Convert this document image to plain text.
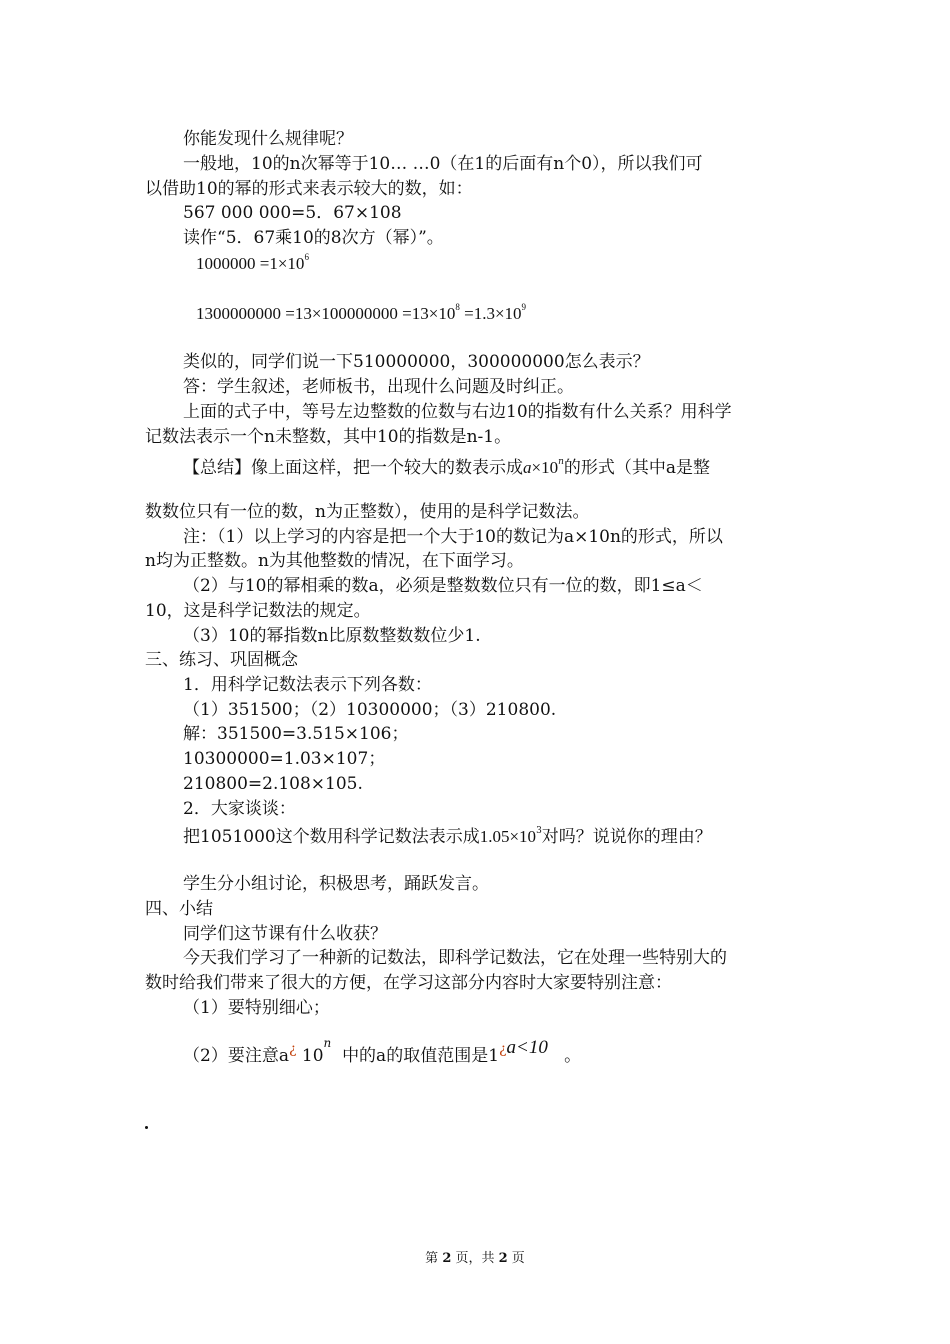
你能发现什么规律呢？

一般地，10的n次幂等于10… …0（在1的后面有n个0），所以我们可

以借助10的幂的形式来表示较大的数，如：

567 000 000=5．67×108

读作“5．67乘10的8次方（幂）”。

$1000000 =1\times 10^6$

$1300000000 =13\times 100000000 =13\times 10^8 =1.3\times 10^9$

类似的，同学们说一下510000000，300000000怎么表示？

答：学生叙述，老师板书，出现什么问题及时纠正。

上面的式子中，等号左边整数的位数与右边10的指数有什么关系？用科学

记数法表示一个n未整数，其中10的指数是n-1。

【总结】像上面这样，把一个较大的数表示成$a\times 10^n$的形式（其中a是整

数数位只有一位的数，n为正整数），使用的是科学记数法。

注：（1）以上学习的内容是把一个大于10的数记为a×10n的形式，所以

n均为正整数。n为其他整数的情况，在下面学习。

（2）与10的幂相乘的数a，必须是整数数位只有一位的数，即1≤a＜

10，这是科学记数法的规定。

（3）10的幂指数n比原数整数数位少1.

三、练习、巩固概念

1．用科学记数法表示下列各数：

（1）351500；（2）10300000；（3）210800.

解：351500=3.515×106；

10300000=1.03×107；

210800=2.108×105.

2．大家谈谈：

把1051000这个数用科学记数法表示成$1.05\times 10^3$对吗？说说你的理由？

学生分小组讨论，积极思考，踊跃发言。

四、小结

同学们这节课有什么收获？

今天我们学习了一种新的记数法，即科学记数法，它在处理一些特别大的

数时给我们带来了很大的方便，在学习这部分内容时大家要特别注意：

（1）要特别细心；

（2）要注意a¿ 10$^n$  中的a的取值范围是1¿a<10 。

第 2 页，共 2 页
